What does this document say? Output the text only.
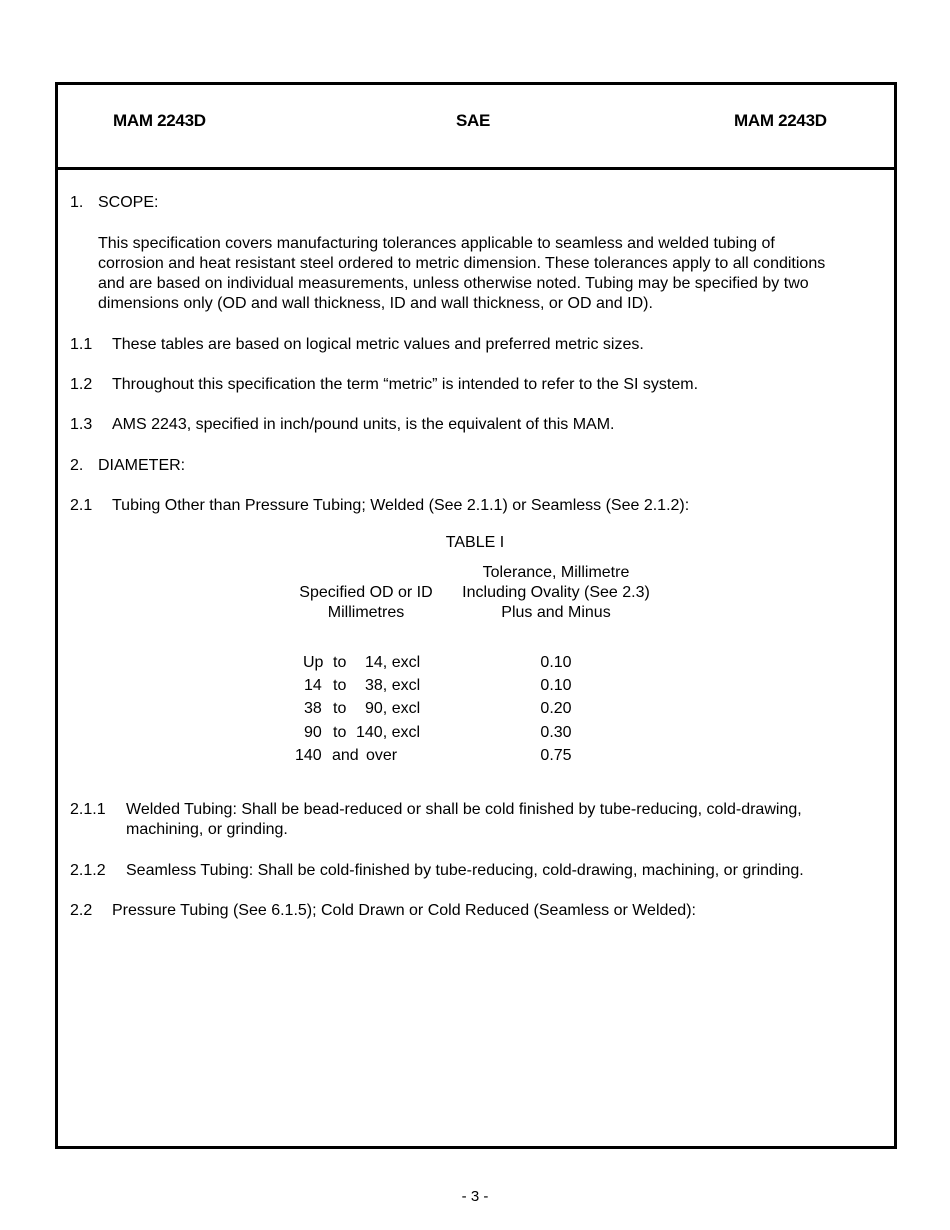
MAM 2243D	SAE	MAM 2243D
1. SCOPE:
This specification covers manufacturing tolerances applicable to seamless and welded tubing of corrosion and heat resistant steel ordered to metric dimension. These tolerances apply to all conditions and are based on individual measurements, unless otherwise noted. Tubing may be specified by two dimensions only (OD and wall thickness, ID and wall thickness, or OD and ID).
1.1 These tables are based on logical metric values and preferred metric sizes.
1.2 Throughout this specification the term “metric” is intended to refer to the SI system.
1.3 AMS 2243, specified in inch/pound units, is the equivalent of this MAM.
2. DIAMETER:
2.1 Tubing Other than Pressure Tubing; Welded (See 2.1.1) or Seamless (See 2.1.2):
TABLE I
Specified OD or ID
Millimetres
Tolerance, Millimetre
Including Ovality (See 2.3)
Plus and Minus
Up to 14, excl	0.10
14 to 38, excl	0.10
38 to 90, excl	0.20
90 to 140, excl	0.30
140 and over	0.75
2.1.1 Welded Tubing: Shall be bead-reduced or shall be cold finished by tube-reducing, cold-drawing, machining, or grinding.
2.1.2 Seamless Tubing: Shall be cold-finished by tube-reducing, cold-drawing, machining, or grinding.
2.2 Pressure Tubing (See 6.1.5); Cold Drawn or Cold Reduced (Seamless or Welded):
- 3 -
